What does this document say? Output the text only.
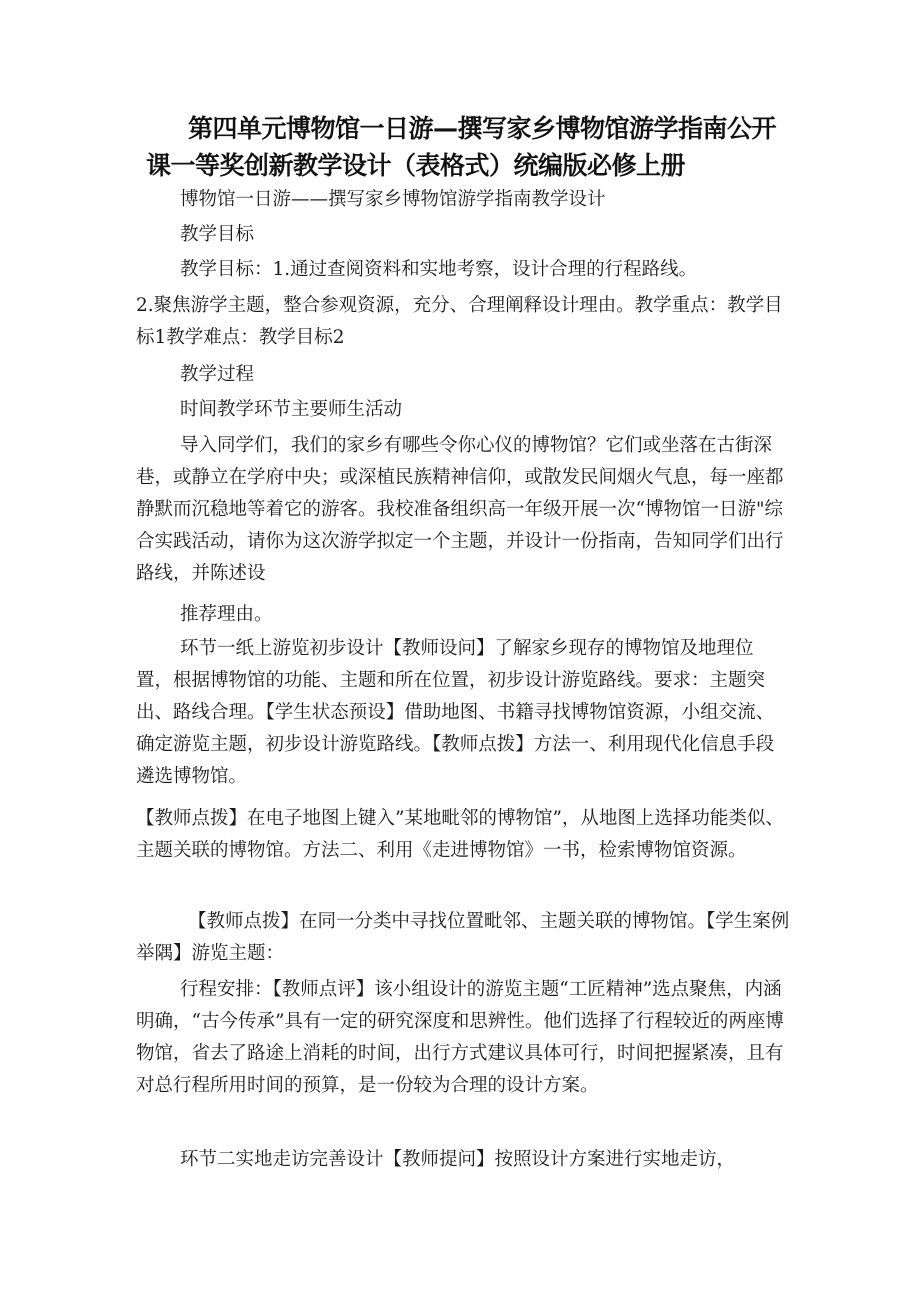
第四单元博物馆一日游—撰写家乡博物馆游学指南公开课一等奖创新教学设计（表格式）统编版必修上册

博物馆一日游——撰写家乡博物馆游学指南教学设计

教学目标

教学目标：1.通过查阅资料和实地考察，设计合理的行程路线。

2.聚焦游学主题，整合参观资源，充分、合理阐释设计理由。教学重点：教学目标1教学难点：教学目标2

教学过程

时间教学环节主要师生活动

导入同学们，我们的家乡有哪些令你心仪的博物馆？它们或坐落在古街深巷，或静立在学府中央；或深植民族精神信仰，或散发民间烟火气息，每一座都静默而沉稳地等着它的游客。我校准备组织高一年级开展一次“博物馆一日游"综合实践活动，请你为这次游学拟定一个主题，并设计一份指南，告知同学们出行路线，并陈述设

推荐理由。

环节一纸上游览初步设计【教师设问】了解家乡现存的博物馆及地理位置，根据博物馆的功能、主题和所在位置，初步设计游览路线。要求：主题突出、路线合理。【学生状态预设】借助地图、书籍寻找博物馆资源，小组交流、确定游览主题，初步设计游览路线。【教师点拨】方法一、利用现代化信息手段遴选博物馆。

【教师点拨】在电子地图上键入”某地毗邻的博物馆”，从地图上选择功能类似、主题关联的博物馆。方法二、利用《走进博物馆》一书，检索博物馆资源。

【教师点拨】在同一分类中寻找位置毗邻、主题关联的博物馆。【学生案例举隅】游览主题：

行程安排：【教师点评】该小组设计的游览主题“工匠精神”选点聚焦，内涵明确，“古今传承”具有一定的研究深度和思辨性。他们选择了行程较近的两座博物馆，省去了路途上消耗的时间，出行方式建议具体可行，时间把握紧凑，且有对总行程所用时间的预算，是一份较为合理的设计方案。

环节二实地走访完善设计【教师提问】按照设计方案进行实地走访，
